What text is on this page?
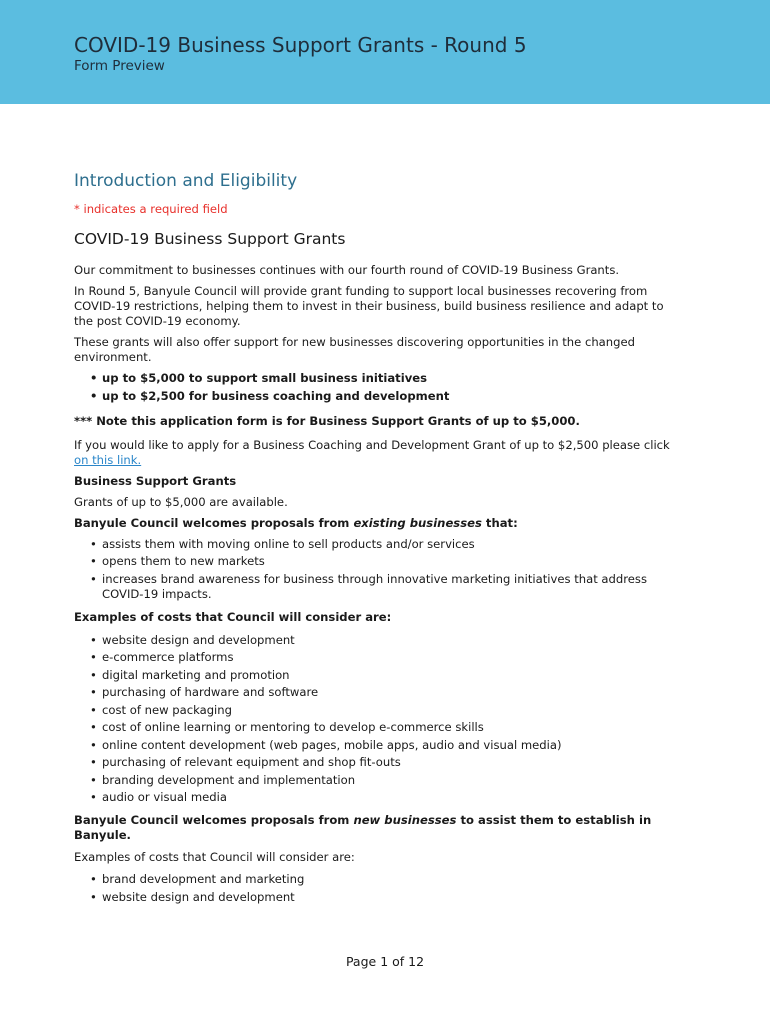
COVID-19 Business Support Grants - Round 5
Form Preview
Introduction and Eligibility
* indicates a required field
COVID-19 Business Support Grants

Our commitment to businesses continues with our fourth round of COVID-19 Business Grants.

In Round 5, Banyule Council will provide grant funding to support local businesses recovering from COVID-19 restrictions, helping them to invest in their business, build business resilience and adapt to the post COVID-19 economy.

These grants will also offer support for new businesses discovering opportunities in the changed environment.

• up to $5,000 to support small business initiatives
• up to $2,500 for business coaching and development

*** Note this application form is for Business Support Grants of up to $5,000.

If you would like to apply for a Business Coaching and Development Grant of up to $2,500 please click on this link.

Business Support Grants

Grants of up to $5,000 are available.

Banyule Council welcomes proposals from existing businesses that:

• assists them with moving online to sell products and/or services
• opens them to new markets
• increases brand awareness for business through innovative marketing initiatives that address COVID-19 impacts.

Examples of costs that Council will consider are:

• website design and development
• e-commerce platforms
• digital marketing and promotion
• purchasing of hardware and software
• cost of new packaging
• cost of online learning or mentoring to develop e-commerce skills
• online content development (web pages, mobile apps, audio and visual media)
• purchasing of relevant equipment and shop fit-outs
• branding development and implementation
• audio or visual media

Banyule Council welcomes proposals from new businesses to assist them to establish in Banyule.

Examples of costs that Council will consider are:

• brand development and marketing
• website design and development
Page 1 of 12
